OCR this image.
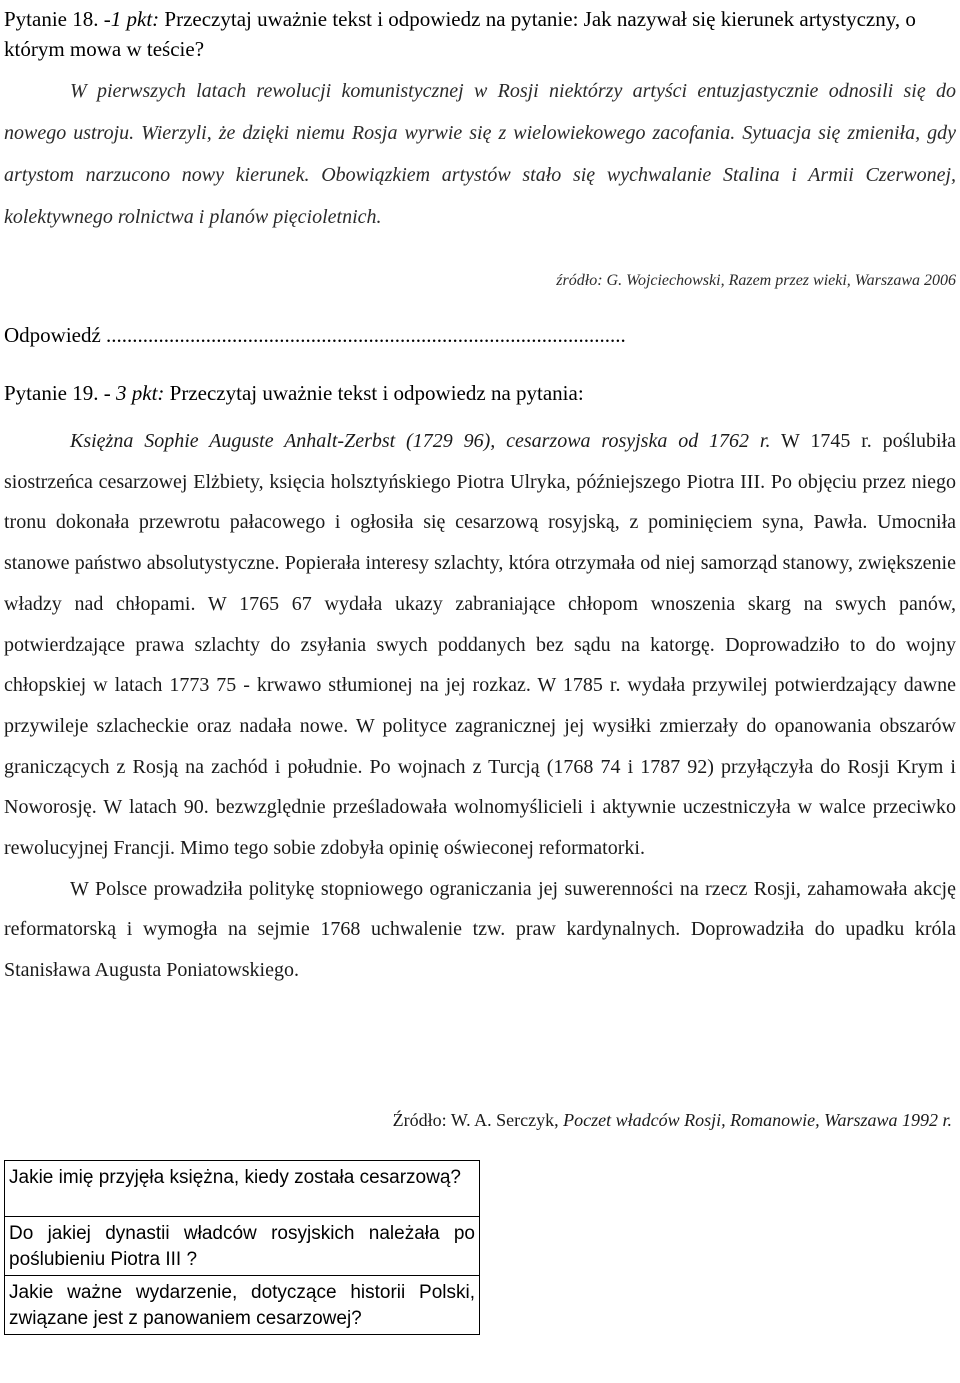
Pytanie 18. -1 pkt: Przeczytaj uważnie tekst i odpowiedz na pytanie: Jak nazywał się kierunek artystyczny, o którym mowa w teście?

W pierwszych latach rewolucji komunistycznej w Rosji niektórzy artyści entuzjastycznie odnosili się do nowego ustroju. Wierzyli, że dzięki niemu Rosja wyrwie się z wielowiekowego zacofania. Sytuacja się zmieniła, gdy artystom narzucono nowy kierunek. Obowiązkiem artystów stało się wychwalanie Stalina i Armii Czerwonej, kolektywnego rolnictwa i planów pięcioletnich.
źródło: G. Wojciechowski, Razem przez wieki, Warszawa 2006
Odpowiedź ...................................................................................................

Pytanie 19. - 3 pkt: Przeczytaj uważnie tekst i odpowiedz na pytania:

Księżna Sophie Auguste Anhalt-Zerbst (1729 96), cesarzowa rosyjska od 1762 r. W 1745 r. poślubiła siostrzeńca cesarzowej Elżbiety, księcia holsztyńskiego Piotra Ulryka, późniejszego Piotra III. Po objęciu przez niego tronu dokonała przewrotu pałacowego i ogłosiła się cesarzową rosyjską, z pominięciem syna, Pawła. Umocniła stanowe państwo absolutystyczne. Popierała interesy szlachty, która otrzymała od niej samorząd stanowy, zwiększenie władzy nad chłopami. W 1765 67 wydała ukazy zabraniające chłopom wnoszenia skarg na swych panów, potwierdzające prawa szlachty do zsyłania swych poddanych bez sądu na katorgę. Doprowadziło to do wojny chłopskiej w latach 1773 75 - krwawo stłumionej na jej rozkaz. W 1785 r. wydała przywilej potwierdzający dawne przywileje szlacheckie oraz nadała nowe. W polityce zagranicznej jej wysiłki zmierzały do opanowania obszarów graniczących z Rosją na zachód i południe. Po wojnach z Turcją (1768 74 i 1787 92) przyłączyła do Rosji Krym i Noworosję. W latach 90. bezwzględnie prześladowała wolnomyślicieli i aktywnie uczestniczyła w walce przeciwko rewolucyjnej Francji. Mimo tego sobie zdobyła opinię oświeconej reformatorki.

W Polsce prowadziła politykę stopniowego ograniczania jej suwerenności na rzecz Rosji, zahamowała akcję reformatorską i wymogła na sejmie 1768 uchwalenie tzw. praw kardynalnych. Doprowadziła do upadku króla Stanisława Augusta Poniatowskiego.

Źródło: W. A. Serczyk, Poczet władców Rosji, Romanowie, Warszawa 1992 r.
Jakie imię przyjęła księżna, kiedy została cesarzową?
Do jakiej dynastii władców rosyjskich należała po poślubieniu Piotra III ?
Jakie ważne wydarzenie, dotyczące historii Polski, związane jest z panowaniem cesarzowej?
